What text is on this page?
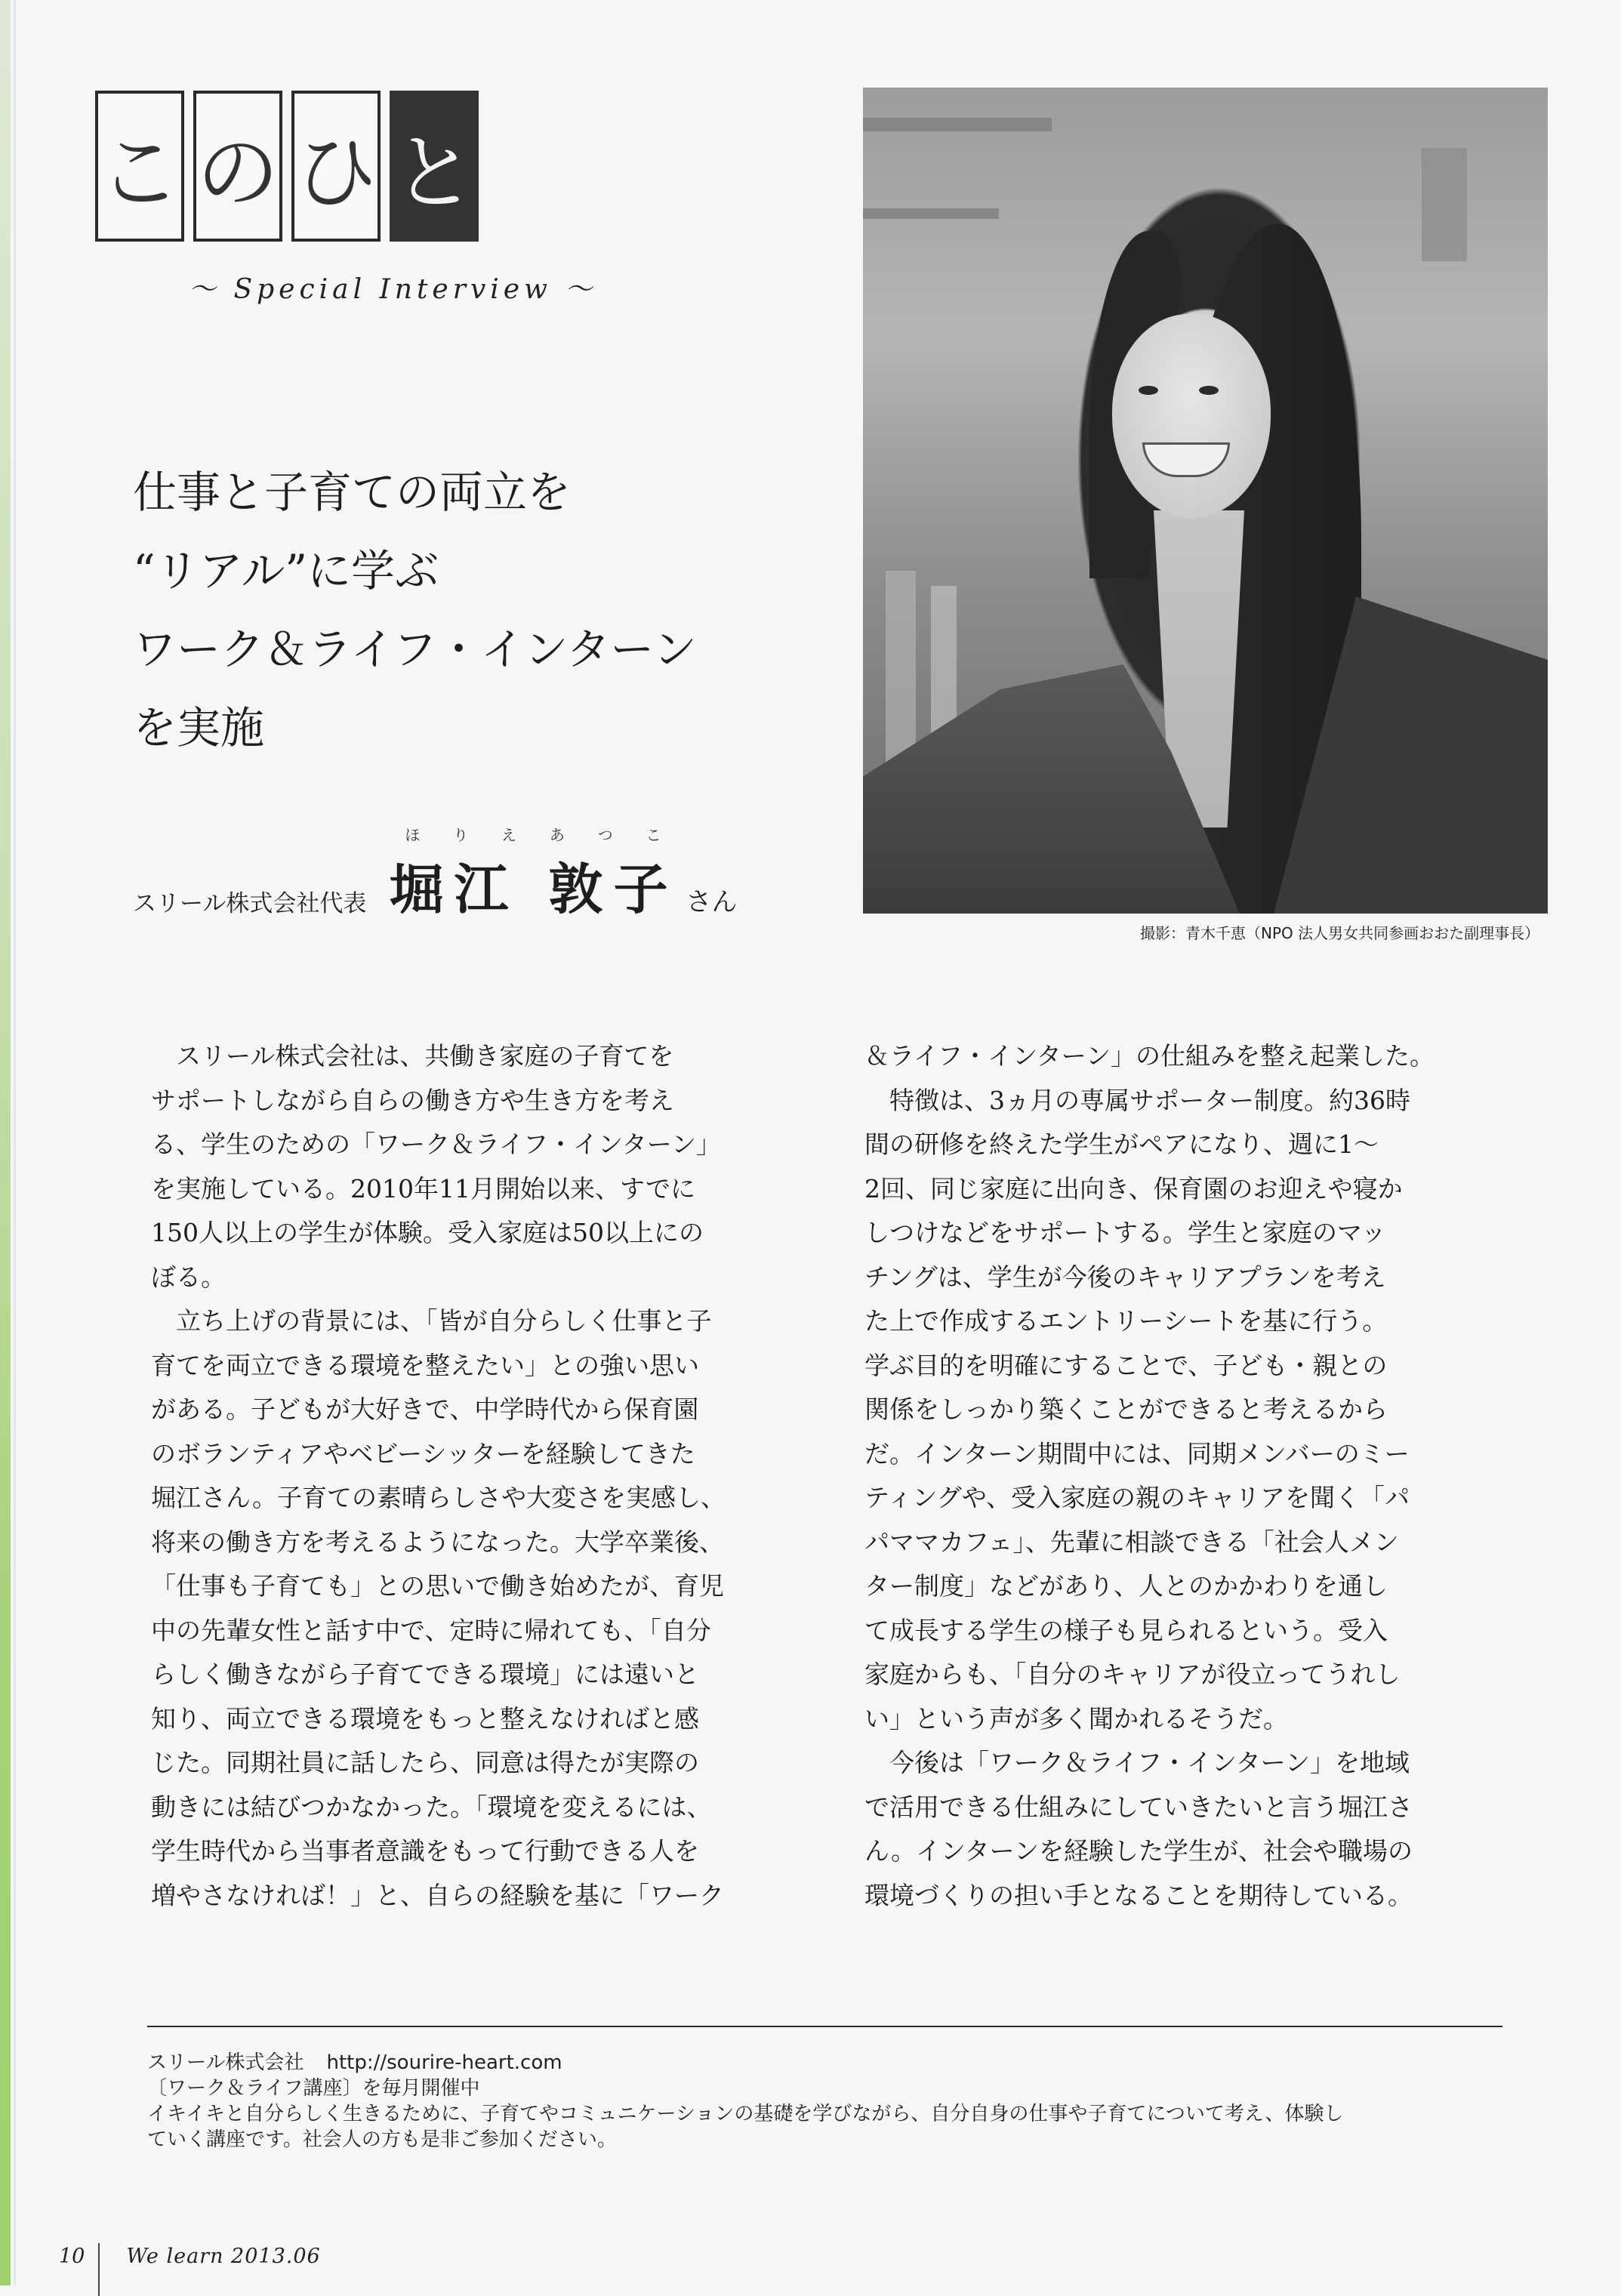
こ の ひ と
～ Special Interview ～
仕事と子育ての両立を
“リアル”に学ぶ
ワーク＆ライフ・インターン
を実施
スリール株式会社代表
ほ り え あ つ こ
堀江 敦子 さん
撮影：青木千恵（NPO 法人男女共同参画おおた副理事長）
　スリール株式会社は、共働き家庭の子育てを
サポートしながら自らの働き方や生き方を考え
る、学生のための「ワーク＆ライフ・インターン」
を実施している。2010年11月開始以来、すでに
150人以上の学生が体験。受入家庭は50以上にの
ぼる。
　立ち上げの背景には、「皆が自分らしく仕事と子
育てを両立できる環境を整えたい」との強い思い
がある。子どもが大好きで、中学時代から保育園
のボランティアやベビーシッターを経験してきた
堀江さん。子育ての素晴らしさや大変さを実感し、
将来の働き方を考えるようになった。大学卒業後、
「仕事も子育ても」との思いで働き始めたが、育児
中の先輩女性と話す中で、定時に帰れても、「自分
らしく働きながら子育てできる環境」には遠いと
知り、両立できる環境をもっと整えなければと感
じた。同期社員に話したら、同意は得たが実際の
動きには結びつかなかった。「環境を変えるには、
学生時代から当事者意識をもって行動できる人を
増やさなければ！」と、自らの経験を基に「ワーク
＆ライフ・インターン」の仕組みを整え起業した。
　特徴は、3ヵ月の専属サポーター制度。約36時
間の研修を終えた学生がペアになり、週に1～
2回、同じ家庭に出向き、保育園のお迎えや寝か
しつけなどをサポートする。学生と家庭のマッ
チングは、学生が今後のキャリアプランを考え
た上で作成するエントリーシートを基に行う。
学ぶ目的を明確にすることで、子ども・親との
関係をしっかり築くことができると考えるから
だ。インターン期間中には、同期メンバーのミー
ティングや、受入家庭の親のキャリアを聞く「パ
パママカフェ」、先輩に相談できる「社会人メン
ター制度」などがあり、人とのかかわりを通し
て成長する学生の様子も見られるという。受入
家庭からも、「自分のキャリアが役立ってうれし
い」という声が多く聞かれるそうだ。
　今後は「ワーク＆ライフ・インターン」を地域
で活用できる仕組みにしていきたいと言う堀江さ
ん。インターンを経験した学生が、社会や職場の
環境づくりの担い手となることを期待している。
スリール株式会社 http://sourire-heart.com
〔ワーク＆ライフ講座〕を毎月開催中
イキイキと自分らしく生きるために、子育てやコミュニケーションの基礎を学びながら、自分自身の仕事や子育てについて考え、体験し
ていく講座です。社会人の方も是非ご参加ください。
10 We learn 2013.06
